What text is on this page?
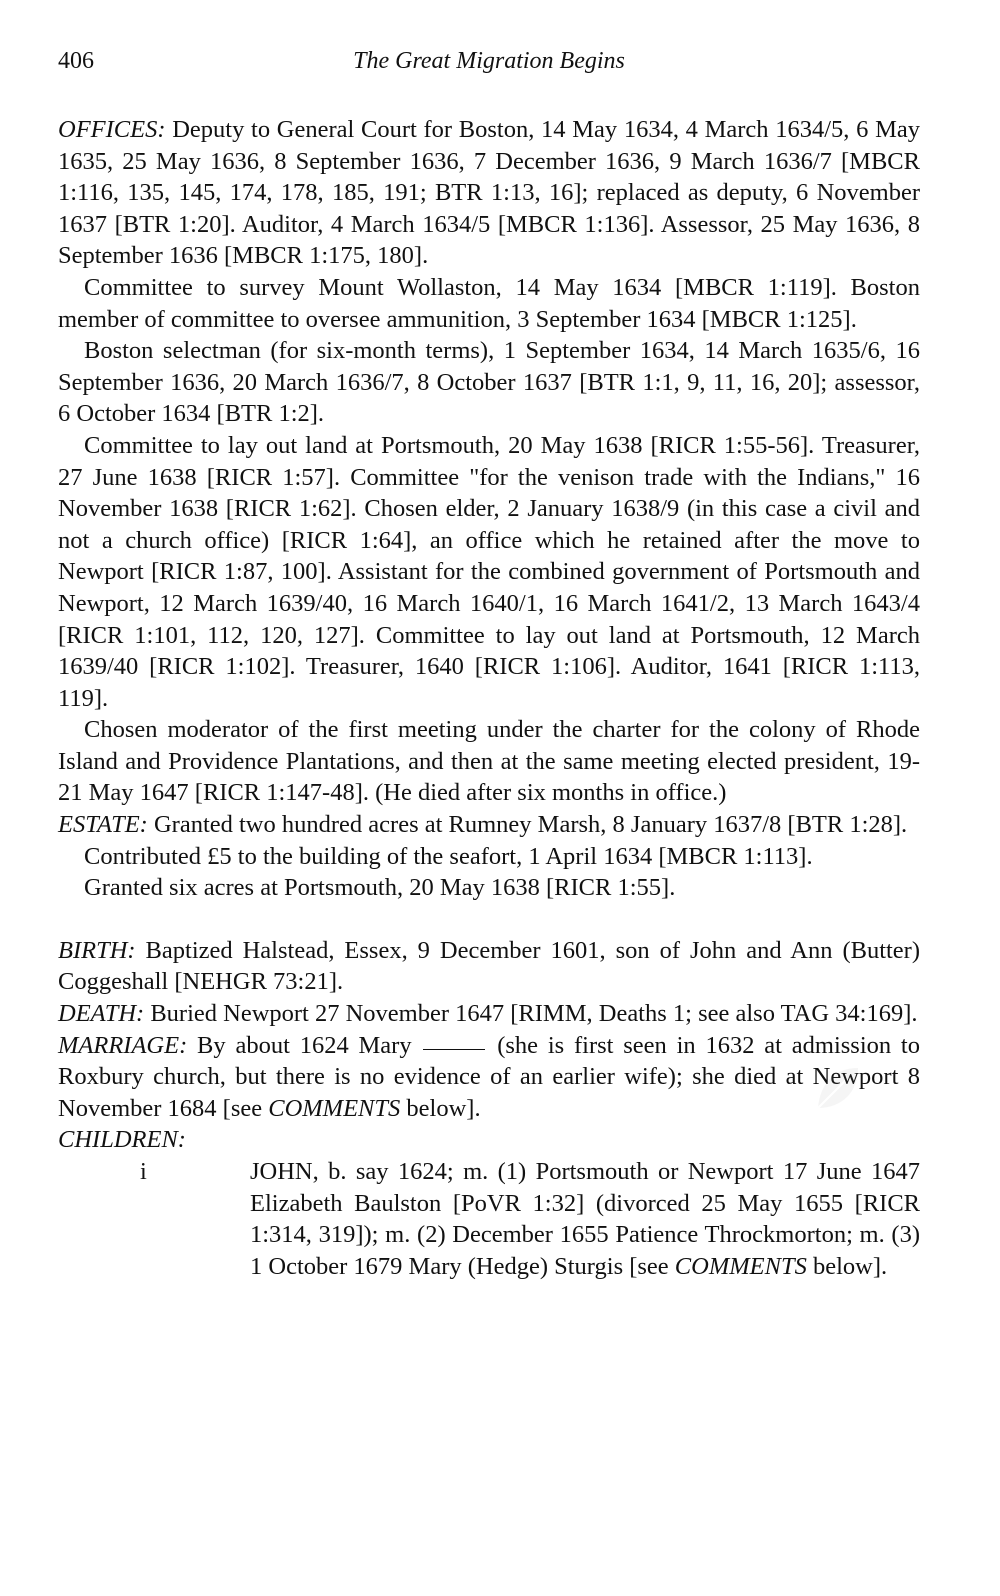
406	The Great Migration Begins

OFFICES: Deputy to General Court for Boston, 14 May 1634, 4 March 1634/5, 6 May 1635, 25 May 1636, 8 September 1636, 7 December 1636, 9 March 1636/7 [MBCR 1:116, 135, 145, 174, 178, 185, 191; BTR 1:13, 16]; replaced as deputy, 6 November 1637 [BTR 1:20]. Auditor, 4 March 1634/5 [MBCR 1:136]. Assessor, 25 May 1636, 8 September 1636 [MBCR 1:175, 180].

Committee to survey Mount Wollaston, 14 May 1634 [MBCR 1:119]. Boston member of committee to oversee ammunition, 3 September 1634 [MBCR 1:125].

Boston selectman (for six-month terms), 1 September 1634, 14 March 1635/6, 16 September 1636, 20 March 1636/7, 8 October 1637 [BTR 1:1, 9, 11, 16, 20]; assessor, 6 October 1634 [BTR 1:2].

Committee to lay out land at Portsmouth, 20 May 1638 [RICR 1:55-56]. Treasurer, 27 June 1638 [RICR 1:57]. Committee "for the venison trade with the Indians," 16 November 1638 [RICR 1:62]. Chosen elder, 2 January 1638/9 (in this case a civil and not a church office) [RICR 1:64], an office which he retained after the move to Newport [RICR 1:87, 100]. Assistant for the combined government of Portsmouth and Newport, 12 March 1639/40, 16 March 1640/1, 16 March 1641/2, 13 March 1643/4 [RICR 1:101, 112, 120, 127]. Committee to lay out land at Portsmouth, 12 March 1639/40 [RICR 1:102]. Treasurer, 1640 [RICR 1:106]. Auditor, 1641 [RICR 1:113, 119].

Chosen moderator of the first meeting under the charter for the colony of Rhode Island and Providence Plantations, and then at the same meeting elected president, 19-21 May 1647 [RICR 1:147-48]. (He died after six months in office.)

ESTATE: Granted two hundred acres at Rumney Marsh, 8 January 1637/8 [BTR 1:28].

Contributed £5 to the building of the seafort, 1 April 1634 [MBCR 1:113].

Granted six acres at Portsmouth, 20 May 1638 [RICR 1:55].

BIRTH: Baptized Halstead, Essex, 9 December 1601, son of John and Ann (Butter) Coggeshall [NEHGR 73:21].

DEATH: Buried Newport 27 November 1647 [RIMM, Deaths 1; see also TAG 34:169].

MARRIAGE: By about 1624 Mary	(she is first seen in 1632 at admission to Roxbury church, but there is no evidence of an earlier wife); she died at Newport 8 November 1684 [see COMMENTS below].

CHILDREN:

i	JOHN, b. say 1624; m. (1) Portsmouth or Newport 17 June 1647 Elizabeth Baulston [PoVR 1:32] (divorced 25 May 1655 [RICR 1:314, 319]); m. (2) December 1655 Patience Throckmorton; m. (3) 1 October 1679 Mary (Hedge) Sturgis [see COMMENTS below].
